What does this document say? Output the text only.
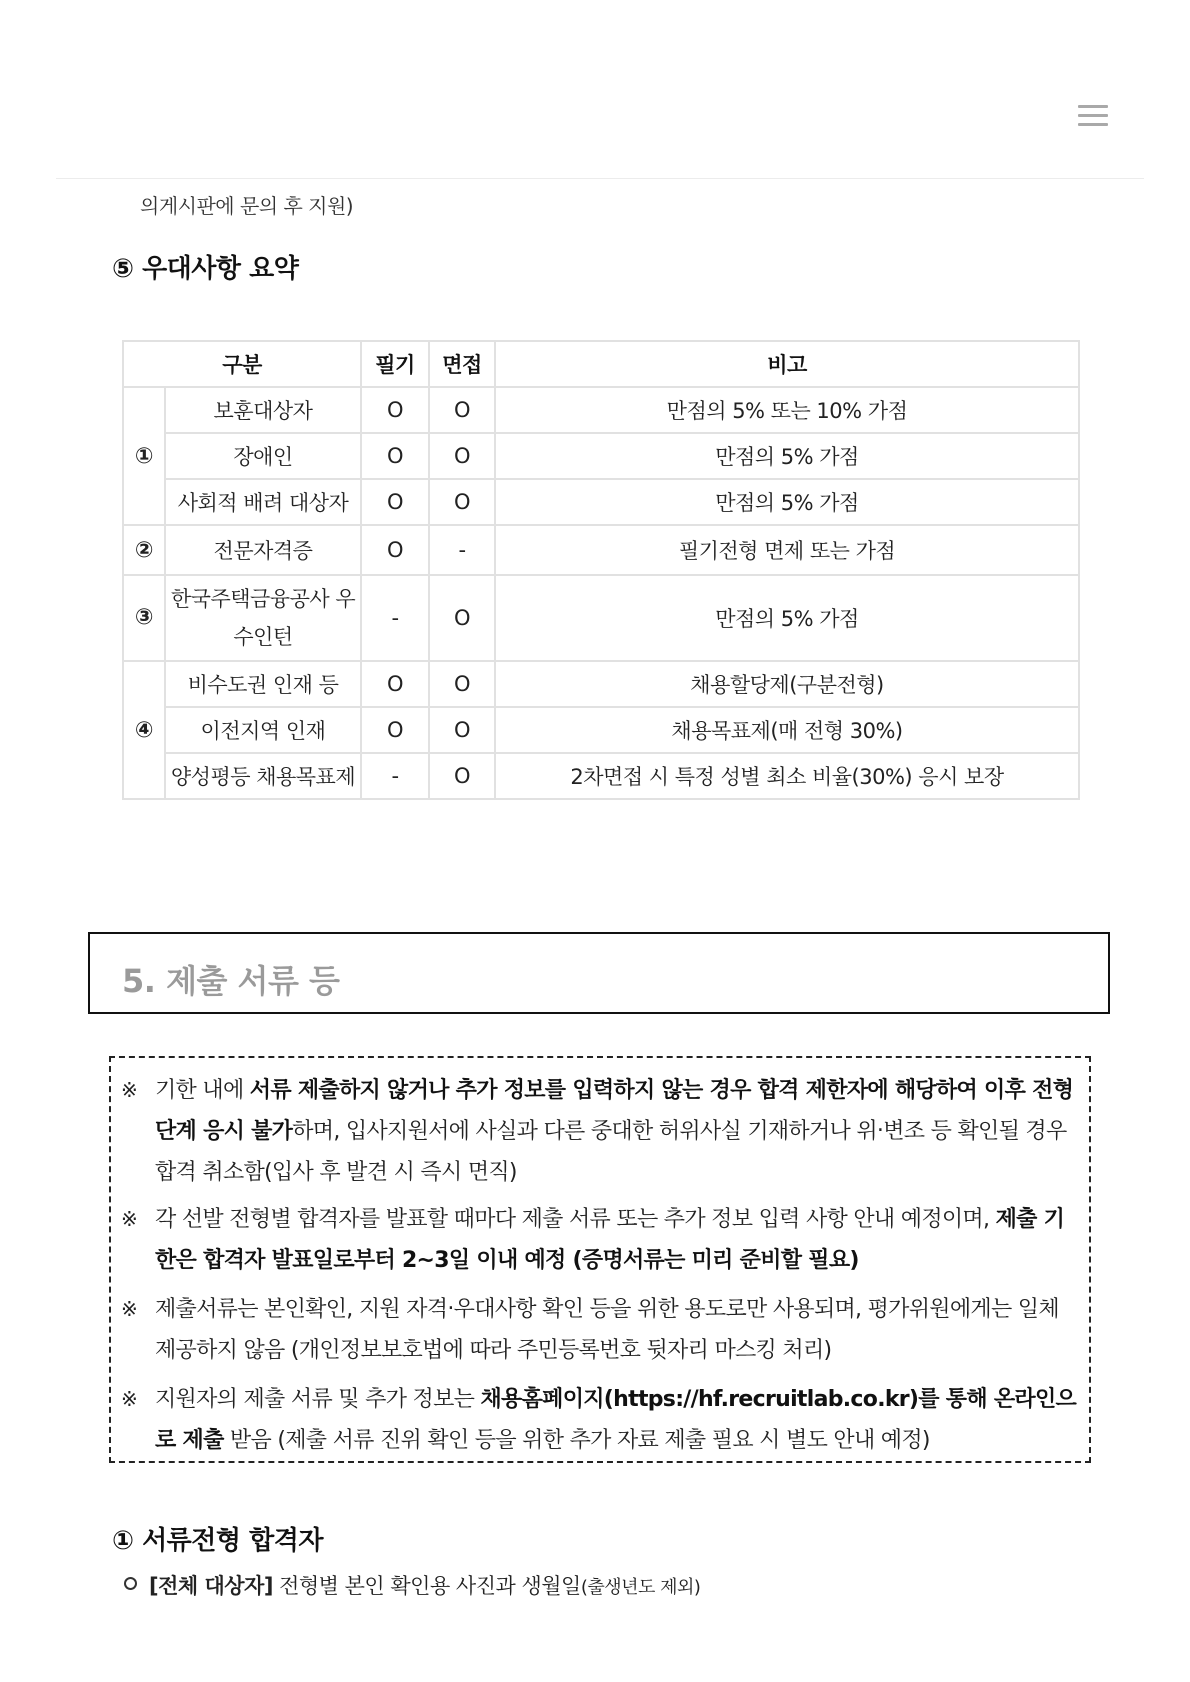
의게시판에 문의 후 지원)
⑤ 우대사항 요약
구분		필기	면접	비고
①	보훈대상자	O	O	만점의 5% 또는 10% 가점
	장애인	O	O	만점의 5% 가점
	사회적 배려 대상자	O	O	만점의 5% 가점
②	전문자격증	O	-	필기전형 면제 또는 가점
③	한국주택금융공사 우수인턴	-	O	만점의 5% 가점
④	비수도권 인재 등	O	O	채용할당제(구분전형)
	이전지역 인재	O	O	채용목표제(매 전형 30%)
	양성평등 채용목표제	-	O	2차면접 시 특정 성별 최소 비율(30%) 응시 보장
5. 제출 서류 등
※ 기한 내에 서류 제출하지 않거나 추가 정보를 입력하지 않는 경우 합격 제한자에 해당하여 이후 전형 단계 응시 불가하며, 입사지원서에 사실과 다른 중대한 허위사실 기재하거나 위‧변조 등 확인될 경우 합격 취소함(입사 후 발견 시 즉시 면직)
※ 각 선발 전형별 합격자를 발표할 때마다 제출 서류 또는 추가 정보 입력 사항 안내 예정이며, 제출 기한은 합격자 발표일로부터 2~3일 이내 예정 (증명서류는 미리 준비할 필요)
※ 제출서류는 본인확인, 지원 자격‧우대사항 확인 등을 위한 용도로만 사용되며, 평가위원에게는 일체 제공하지 않음 (개인정보보호법에 따라 주민등록번호 뒷자리 마스킹 처리)
※ 지원자의 제출 서류 및 추가 정보는 채용홈페이지(https://hf.recruitlab.co.kr)를 통해 온라인으로 제출 받음 (제출 서류 진위 확인 등을 위한 추가 자료 제출 필요 시 별도 안내 예정)
① 서류전형 합격자
[전체 대상자] 전형별 본인 확인용 사진과 생월일(출생년도 제외)
